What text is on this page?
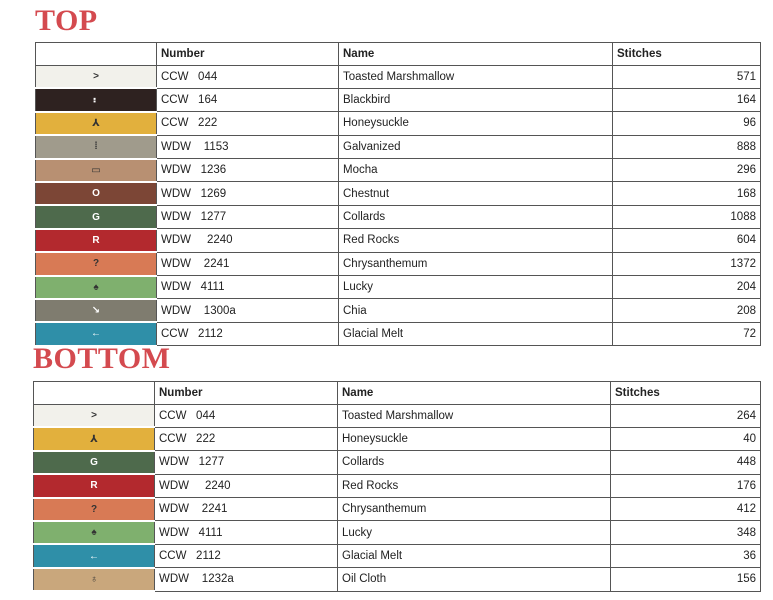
TOP
	Number	Name	Stitches
>	CCW   044	Toasted Marshmallow	571
⠆	CCW   164	Blackbird	164
⅄	CCW   222	Honeysuckle	96
⁞	WDW    1153	Galvanized	888
▭	WDW   1236	Mocha	296
O	WDW   1269	Chestnut	168
G	WDW   1277	Collards	1088
R	WDW     2240	Red Rocks	604
?	WDW    2241	Chrysanthemum	1372
♠	WDW   4111	Lucky	204
↘	WDW    1300a	Chia	208
←	CCW   2112	Glacial Melt	72
BOTTOM
	Number	Name	Stitches
>	CCW   044	Toasted Marshmallow	264
⅄	CCW   222	Honeysuckle	40
G	WDW   1277	Collards	448
R	WDW     2240	Red Rocks	176
?	WDW    2241	Chrysanthemum	412
♠	WDW   4111	Lucky	348
←	CCW   2112	Glacial Melt	36
♁	WDW    1232a	Oil Cloth	156
